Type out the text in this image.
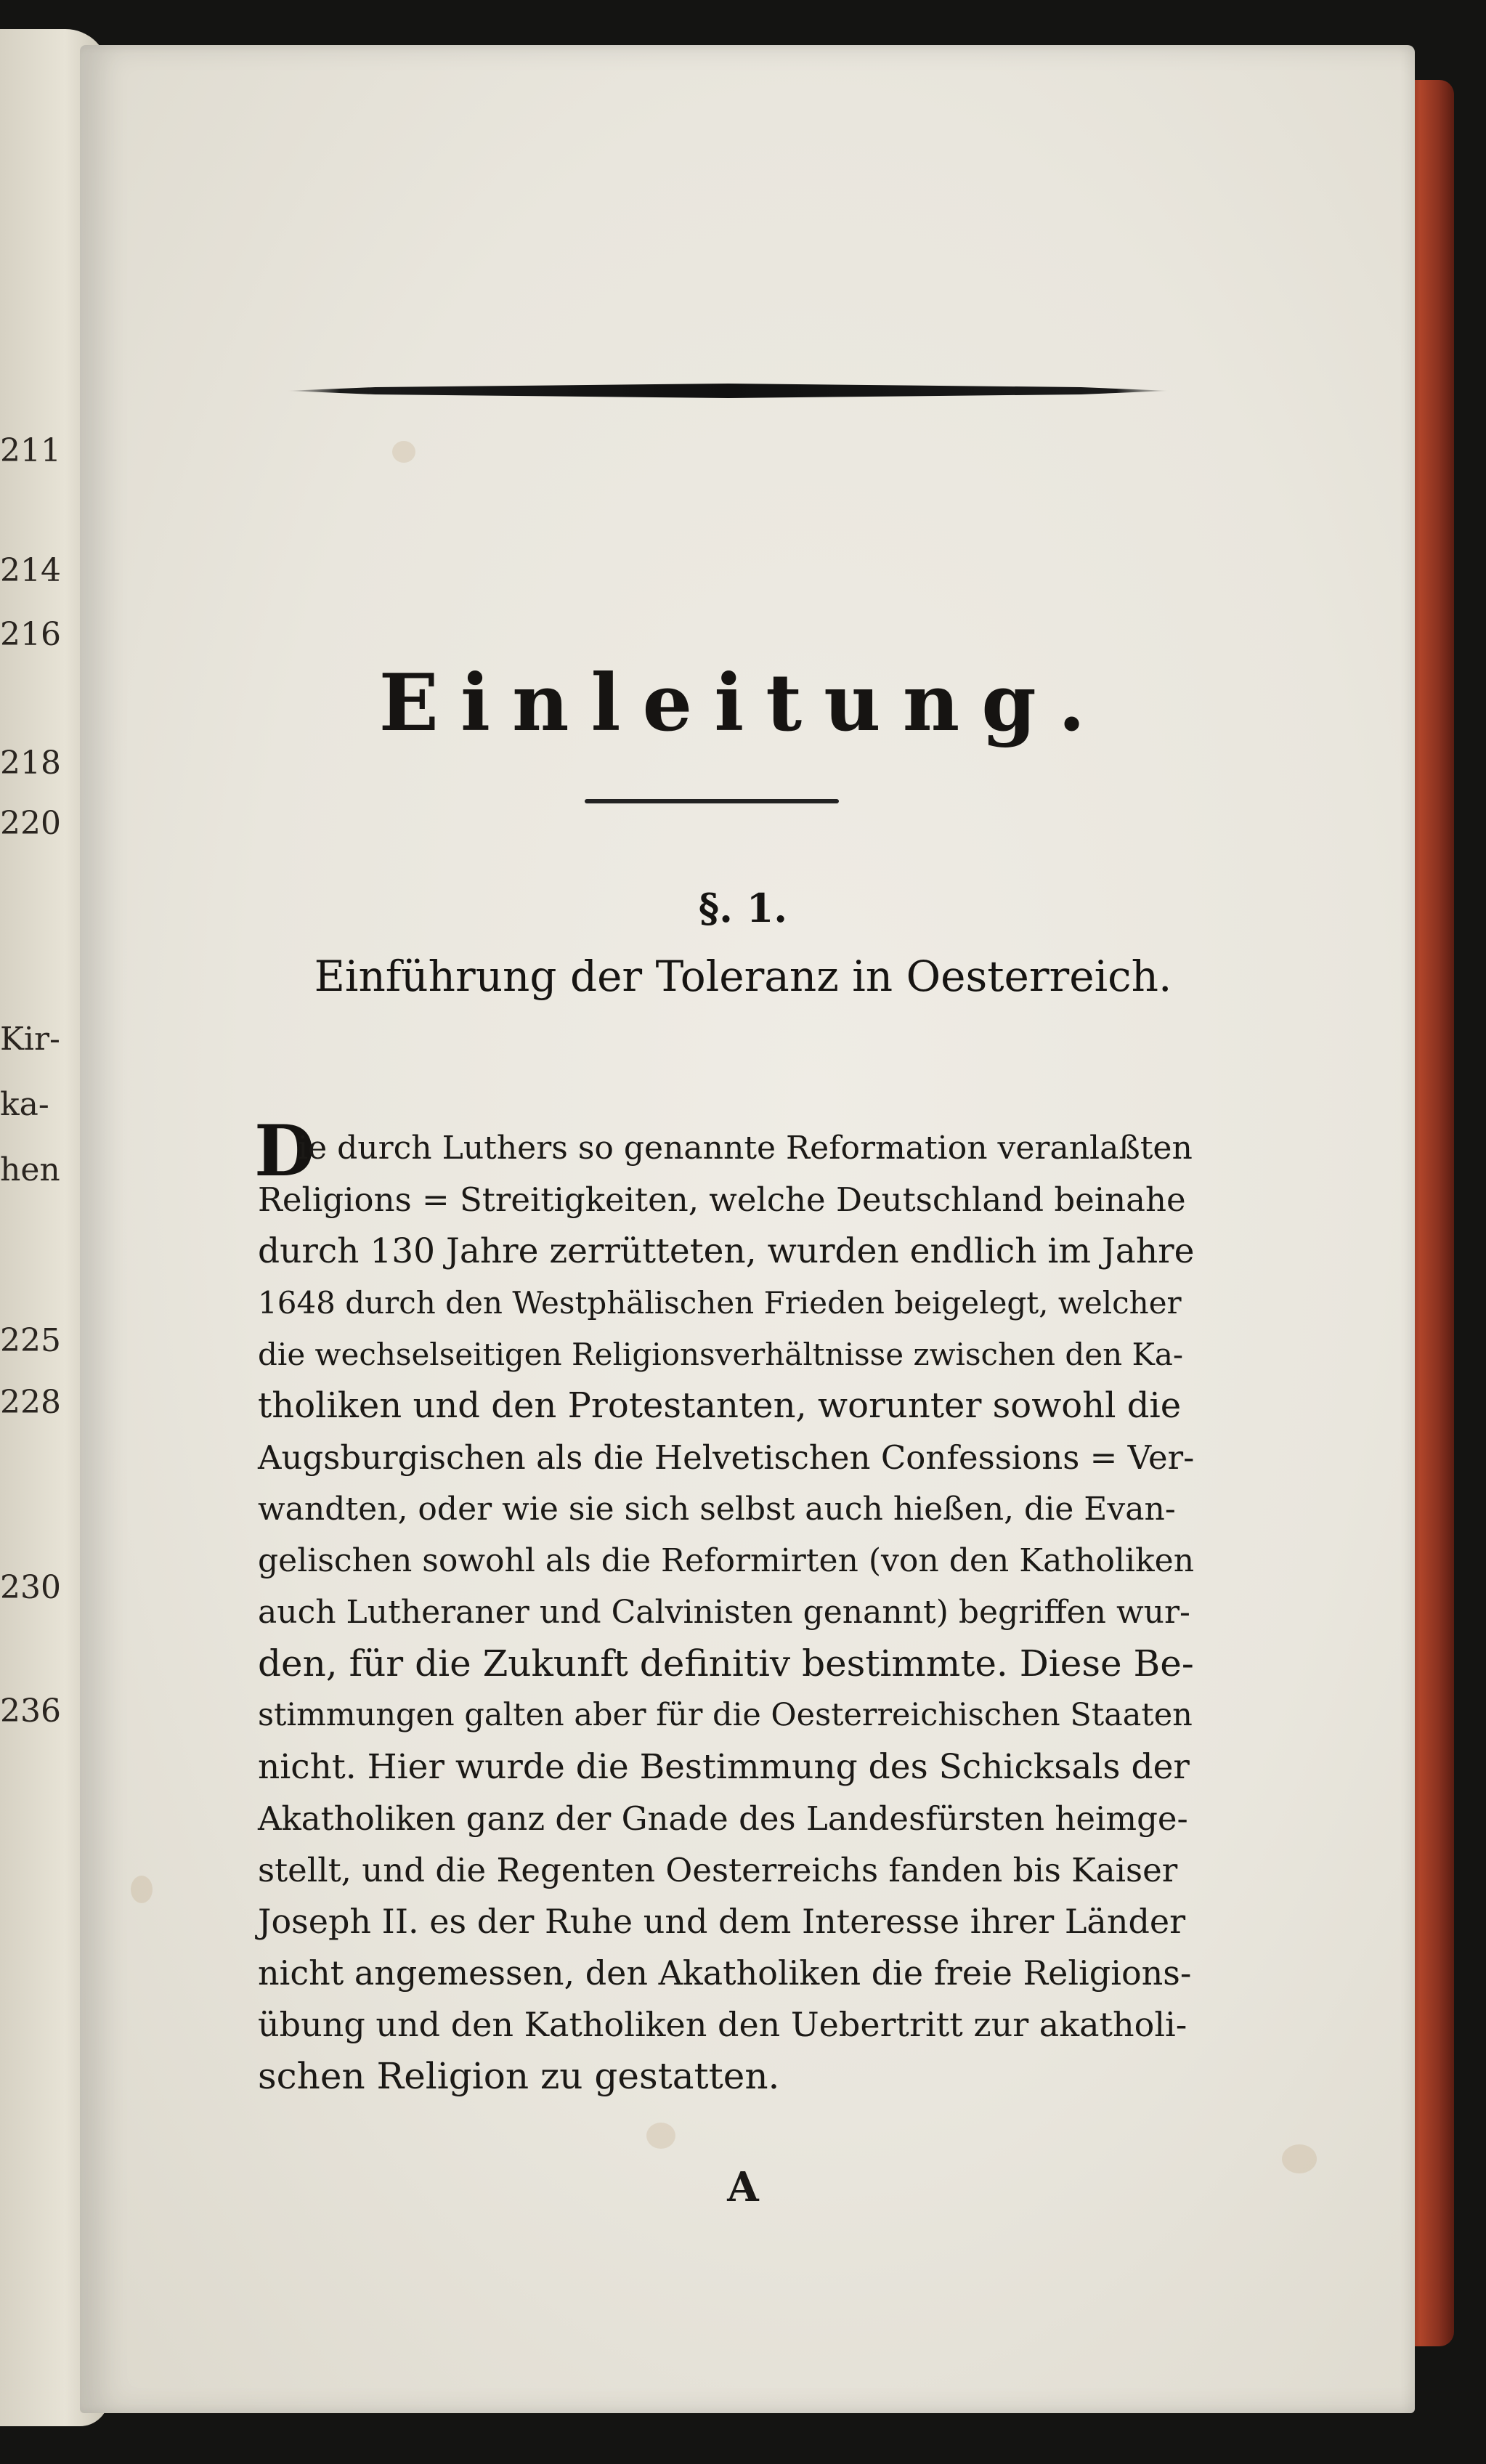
211
214
216
218
220
Kir-
ka-
hen
225
228
230
236
Einleitung.
§. 1.
Einführung der Toleranz in Oesterreich.
D
ie durch Luthers so genannte Reformation veranlaßten
Religions = Streitigkeiten, welche Deutschland beinahe
durch 130 Jahre zerrütteten, wurden endlich im Jahre
1648 durch den Westphälischen Frieden beigelegt, welcher
die wechselseitigen Religionsverhältnisse zwischen den Ka-
tholiken und den Protestanten, worunter sowohl die
Augsburgischen als die Helvetischen Confessions = Ver-
wandten, oder wie sie sich selbst auch hießen, die Evan-
gelischen sowohl als die Reformirten (von den Katholiken
auch Lutheraner und Calvinisten genannt) begriffen wur-
den, für die Zukunft definitiv bestimmte. Diese Be-
stimmungen galten aber für die Oesterreichischen Staaten
nicht. Hier wurde die Bestimmung des Schicksals der
Akatholiken ganz der Gnade des Landesfürsten heimge-
stellt, und die Regenten Oesterreichs fanden bis Kaiser
Joseph II. es der Ruhe und dem Interesse ihrer Länder
nicht angemessen, den Akatholiken die freie Religions-
übung und den Katholiken den Uebertritt zur akatholi-
schen Religion zu gestatten.
A
